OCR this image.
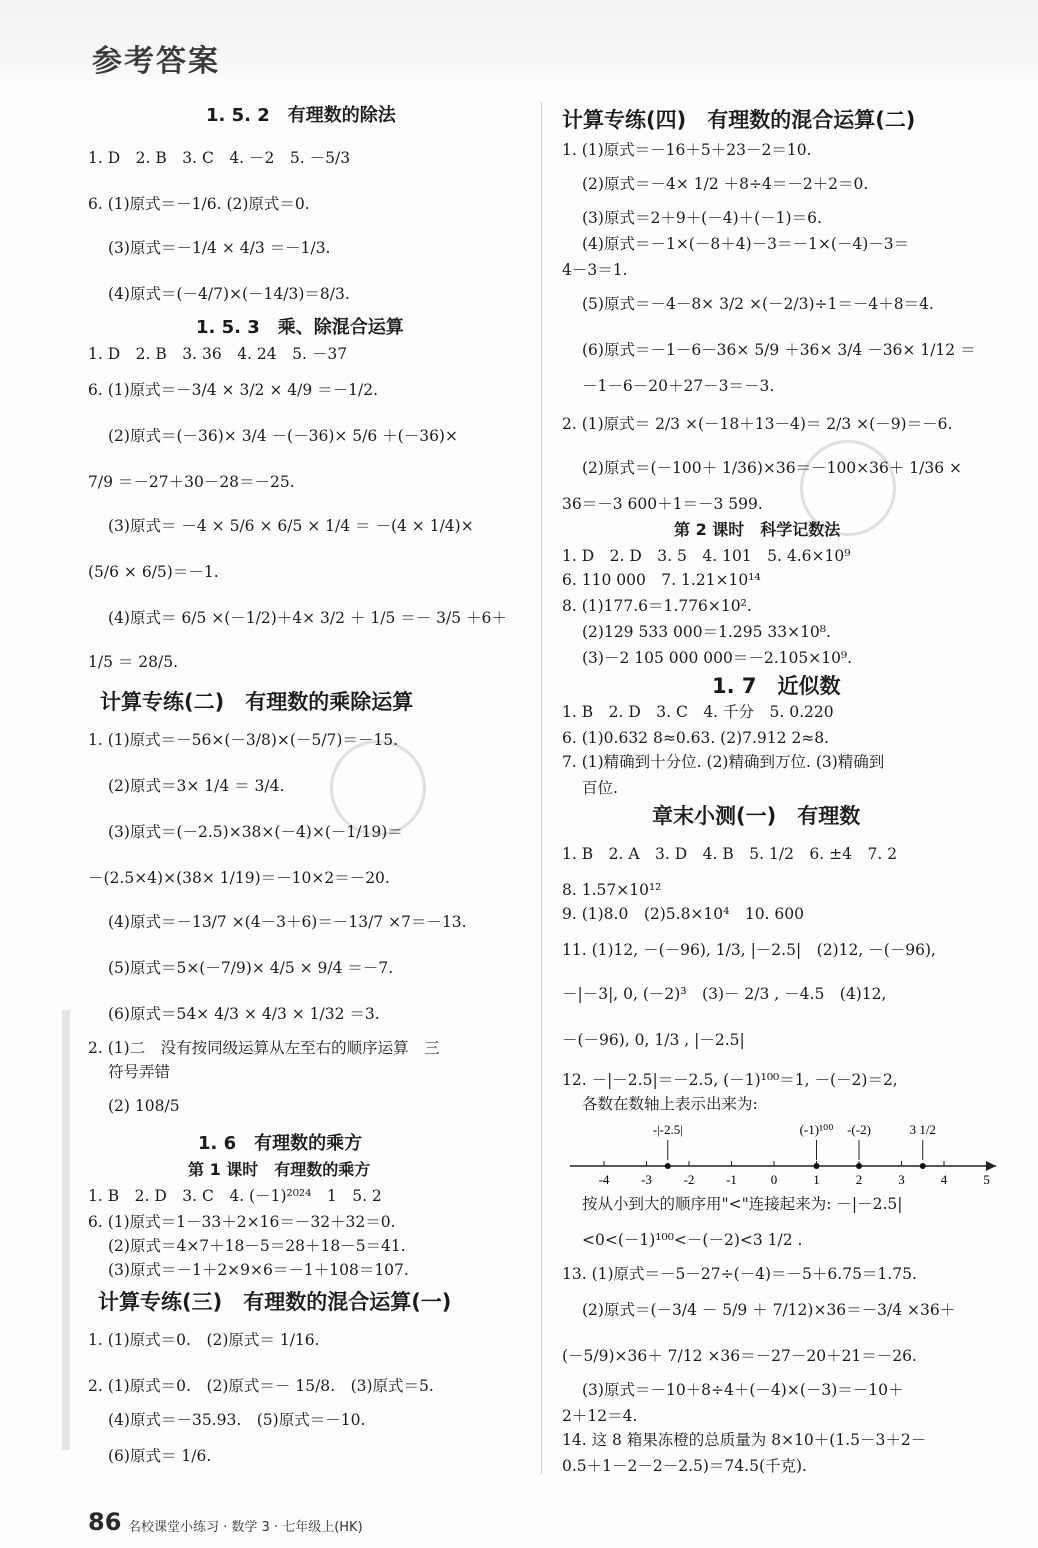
参考答案
1. 5. 2　有理数的除法
1. D　2. B　3. C　4. －2　5. －5/3
6. (1)原式＝－1/6. (2)原式＝0.
(3)原式＝－1/4 × 4/3 ＝－1/3.
(4)原式＝(－4/7)×(－14/3)＝8/3.
1. 5. 3　乘、除混合运算
1. D　2. B　3. 36　4. 24　5. －37
6. (1)原式＝－3/4 × 3/2 × 4/9 ＝－1/2.
(2)原式＝(－36)× 3/4 －(－36)× 5/6 ＋(－36)×
7/9 ＝－27＋30－28＝－25.
(3)原式＝ －4 × 5/6 × 6/5 × 1/4 ＝ －(4 × 1/4)×
(5/6 × 6/5)＝－1.
(4)原式＝ 6/5 ×(－1/2)＋4× 3/2 ＋ 1/5 ＝－ 3/5 ＋6＋
1/5 ＝ 28/5.
计算专练(二)　有理数的乘除运算
1. (1)原式＝－56×(－3/8)×(－5/7)＝－15.
(2)原式＝3× 1/4 ＝ 3/4.
(3)原式＝(－2.5)×38×(－4)×(－1/19)＝
－(2.5×4)×(38× 1/19)＝－10×2＝－20.
(4)原式＝－13/7 ×(4－3＋6)＝－13/7 ×7＝－13.
(5)原式＝5×(－7/9)× 4/5 × 9/4 ＝－7.
(6)原式＝54× 4/3 × 4/3 × 1/32 ＝3.
2. (1)二　没有按同级运算从左至右的顺序运算　三
符号弄错
(2) 108/5
1. 6　有理数的乘方
第 1 课时　有理数的乘方
1. B　2. D　3. C　4. (－1)²⁰²⁴　1　5. 2
6. (1)原式＝1－33＋2×16＝－32＋32＝0.
(2)原式＝4×7＋18－5＝28＋18－5＝41.
(3)原式＝－1＋2×9×6＝－1＋108＝107.
计算专练(三)　有理数的混合运算(一)
1. (1)原式＝0.　(2)原式＝ 1/16.
2. (1)原式＝0.　(2)原式＝－ 15/8.　(3)原式＝5.
(4)原式＝－35.93.　(5)原式＝－10.
(6)原式＝ 1/6.
计算专练(四)　有理数的混合运算(二)
1. (1)原式＝－16＋5＋23－2＝10.
(2)原式＝－4× 1/2 ＋8÷4＝－2＋2＝0.
(3)原式＝2＋9＋(－4)＋(－1)＝6.
(4)原式＝－1×(－8＋4)－3＝－1×(－4)－3＝
4－3＝1.
(5)原式＝－4－8× 3/2 ×(－2/3)÷1＝－4＋8＝4.
(6)原式＝－1－6－36× 5/9 ＋36× 3/4 －36× 1/12 ＝
－1－6－20＋27－3＝－3.
2. (1)原式＝ 2/3 ×(－18＋13－4)＝ 2/3 ×(－9)＝－6.
(2)原式＝(－100＋ 1/36)×36＝－100×36＋ 1/36 ×
36＝－3 600＋1＝－3 599.
第 2 课时　科学记数法
1. D　2. D　3. 5　4. 101　5. 4.6×10⁹
6. 110 000　7. 1.21×10¹⁴
8. (1)177.6＝1.776×10².
(2)129 533 000＝1.295 33×10⁸.
(3)－2 105 000 000＝－2.105×10⁹.
1. 7　近似数
1. B　2. D　3. C　4. 千分　5. 0.220
6. (1)0.632 8≈0.63. (2)7.912 2≈8.
7. (1)精确到十分位. (2)精确到万位. (3)精确到
百位.
章末小测(一)　有理数
1. B　2. A　3. D　4. B　5. 1/2　6. ±4　7. 2
8. 1.57×10¹²
9. (1)8.0　(2)5.8×10⁴　10. 600
11. (1)12, －(－96), 1/3, |－2.5|　(2)12, －(－96),
－|－3|, 0, (－2)³　(3)－ 2/3 , －4.5　(4)12,
－(－96), 0, 1/3 , |－2.5|
12. －|－2.5|＝－2.5, (－1)¹⁰⁰＝1, －(－2)＝2,
各数在数轴上表示出来为:
按从小到大的顺序用"<"连接起来为: －|－2.5|
<0<(－1)¹⁰⁰<－(－2)<3 1/2 .
13. (1)原式＝－5－27÷(－4)＝－5＋6.75＝1.75.
(2)原式＝(－3/4 － 5/9 ＋ 7/12)×36＝－3/4 ×36＋
(－5/9)×36＋ 7/12 ×36＝－27－20＋21＝－26.
(3)原式＝－10＋8÷4＋(－4)×(－3)＝－10＋
2＋12＝4.
14. 这 8 箱果冻橙的总质量为 8×10＋(1.5－3＋2－
0.5＋1－2－2－2.5)＝74.5(千克).
-4 -3 -2 -1	0	1	2	3	4	5
-|-2.5|	(-1)¹⁰⁰ -(-2)	3 1/2
86 名校课堂小练习 · 数学 3 · 七年级上(HK)
